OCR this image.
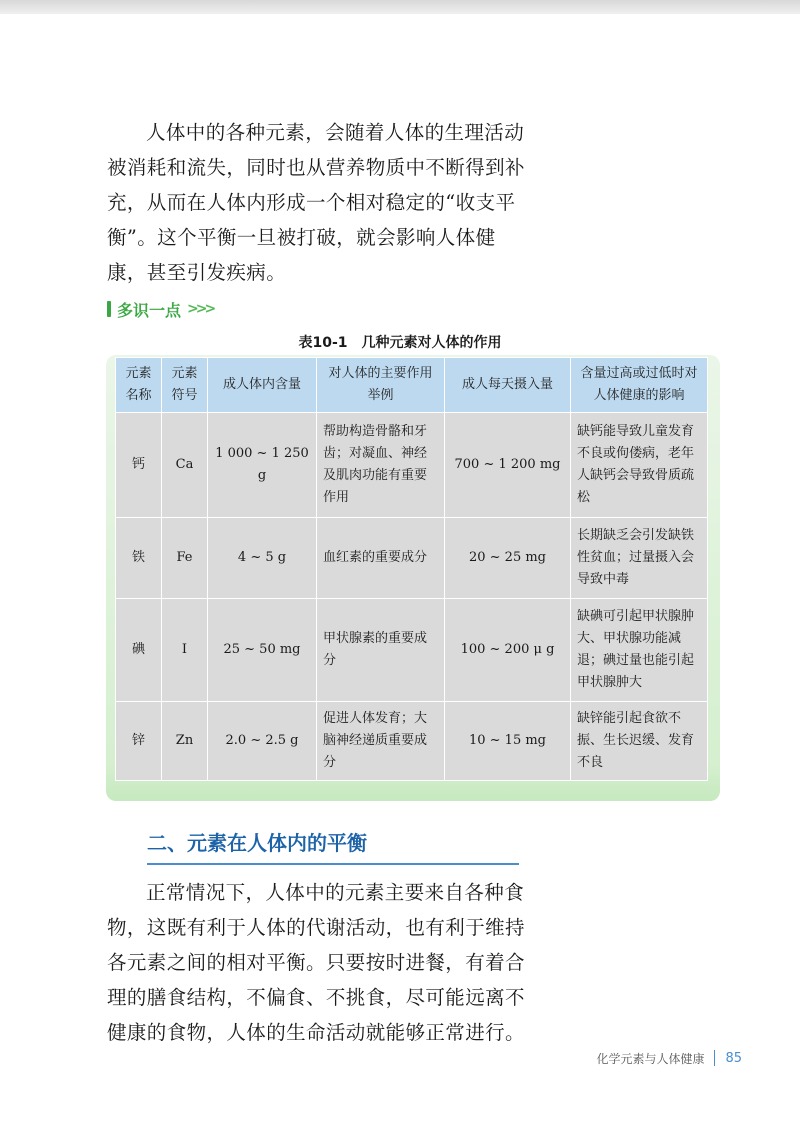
人体中的各种元素，会随着人体的生理活动被消耗和流失，同时也从营养物质中不断得到补充，从而在人体内形成一个相对稳定的“收支平衡”。这个平衡一旦被打破，就会影响人体健康，甚至引发疾病。

多识一点 >>>
表10-1　几种元素对人体的作用
元素名称	元素符号	成人体内含量	对人体的主要作用举例	成人每天摄入量	含量过高或过低时对人体健康的影响
钙	Ca	1 000 ~ 1 250 g	帮助构造骨骼和牙齿；对凝血、神经及肌肉功能有重要作用	700 ~ 1 200 mg	缺钙能导致儿童发育不良或佝偻病，老年人缺钙会导致骨质疏松
铁	Fe	4 ~ 5 g	血红素的重要成分	20 ~ 25 mg	长期缺乏会引发缺铁性贫血；过量摄入会导致中毒
碘	I	25 ~ 50 mg	甲状腺素的重要成分	100 ~ 200 μ g	缺碘可引起甲状腺肿大、甲状腺功能减退；碘过量也能引起甲状腺肿大
锌	Zn	2.0 ~ 2.5 g	促进人体发育；大脑神经递质重要成分	10 ~ 15 mg	缺锌能引起食欲不振、生长迟缓、发育不良
二、元素在人体内的平衡

正常情况下，人体中的元素主要来自各种食物，这既有利于人体的代谢活动，也有利于维持各元素之间的相对平衡。只要按时进餐，有着合理的膳食结构，不偏食、不挑食，尽可能远离不健康的食物，人体的生命活动就能够正常进行。

化学元素与人体健康 85
